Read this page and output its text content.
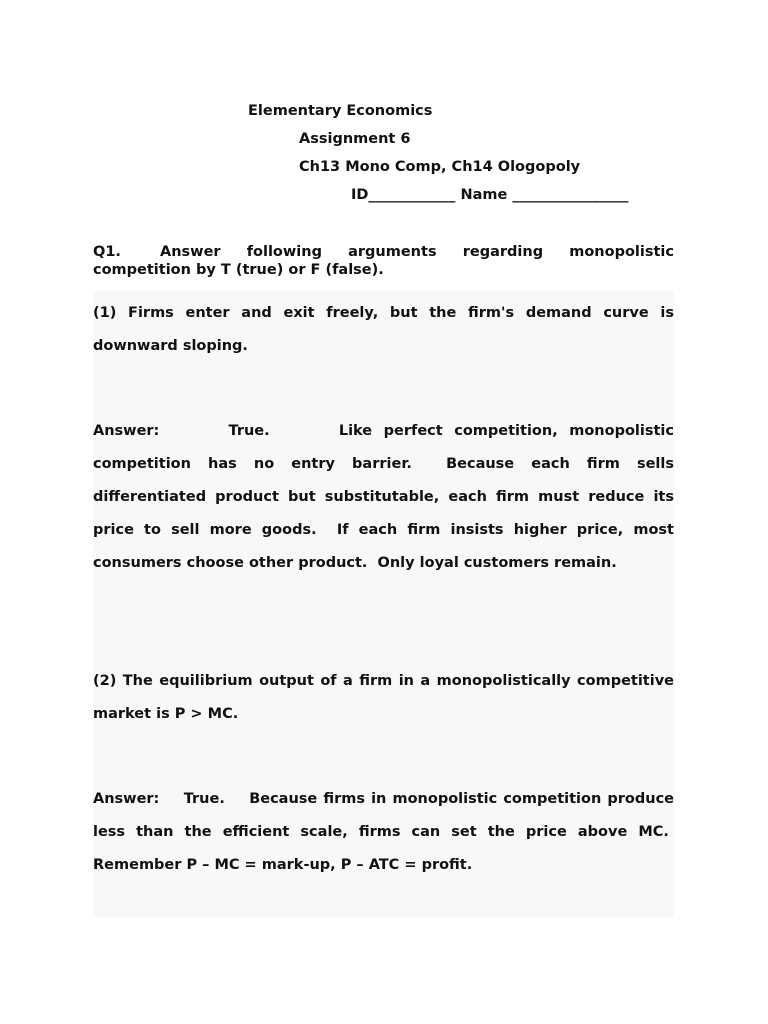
Elementary Economics
Assignment 6
Ch13 Mono Comp, Ch14 Ologopoly
ID____________ Name ________________
Q1.	Answer following arguments regarding monopolistic competition by T (true) or F (false).
(1) Firms enter and exit freely, but the firm's demand curve is downward sloping.
Answer:      True.      Like perfect competition, monopolistic competition has no entry barrier.  Because each firm sells differentiated product but substitutable, each firm must reduce its price to sell more goods.  If each firm insists higher price, most consumers choose other product.  Only loyal customers remain.
(2) The equilibrium output of a firm in a monopolistically competitive market is P > MC.
Answer:    True.    Because firms in monopolistic competition produce less than the efficient scale, firms can set the price above MC.  Remember P – MC = mark-up, P – ATC = profit.
